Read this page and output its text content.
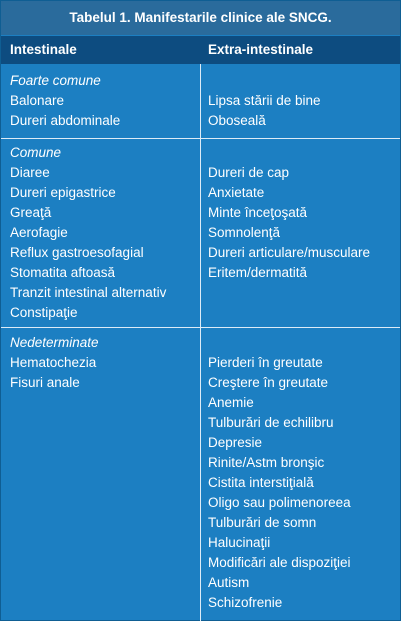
Tabelul 1. Manifestarile clinice ale SNCG.
Intestinale	Extra-intestinale
Foarte comune
Balonare
Dureri abdominale
Lipsa stării de bine
Oboseală
Comune
Diaree
Dureri epigastrice
Greaţă
Aerofagie
Reflux gastroesofagial
Stomatita aftoasă
Tranzit intestinal alternativ
Constipaţie
Dureri de cap
Anxietate
Minte înceţoşată
Somnolenţă
Dureri articulare/musculare
Eritem/dermatită
Nedeterminate
Hematochezia
Fisuri anale
Pierderi în greutate
Creştere în greutate
Anemie
Tulburări de echilibru
Depresie
Rinite/Astm bronşic
Cistita interstiţială
Oligo sau polimenoreea
Tulburări de somn
Halucinaţii
Modificări ale dispoziţiei
Autism
Schizofrenie
